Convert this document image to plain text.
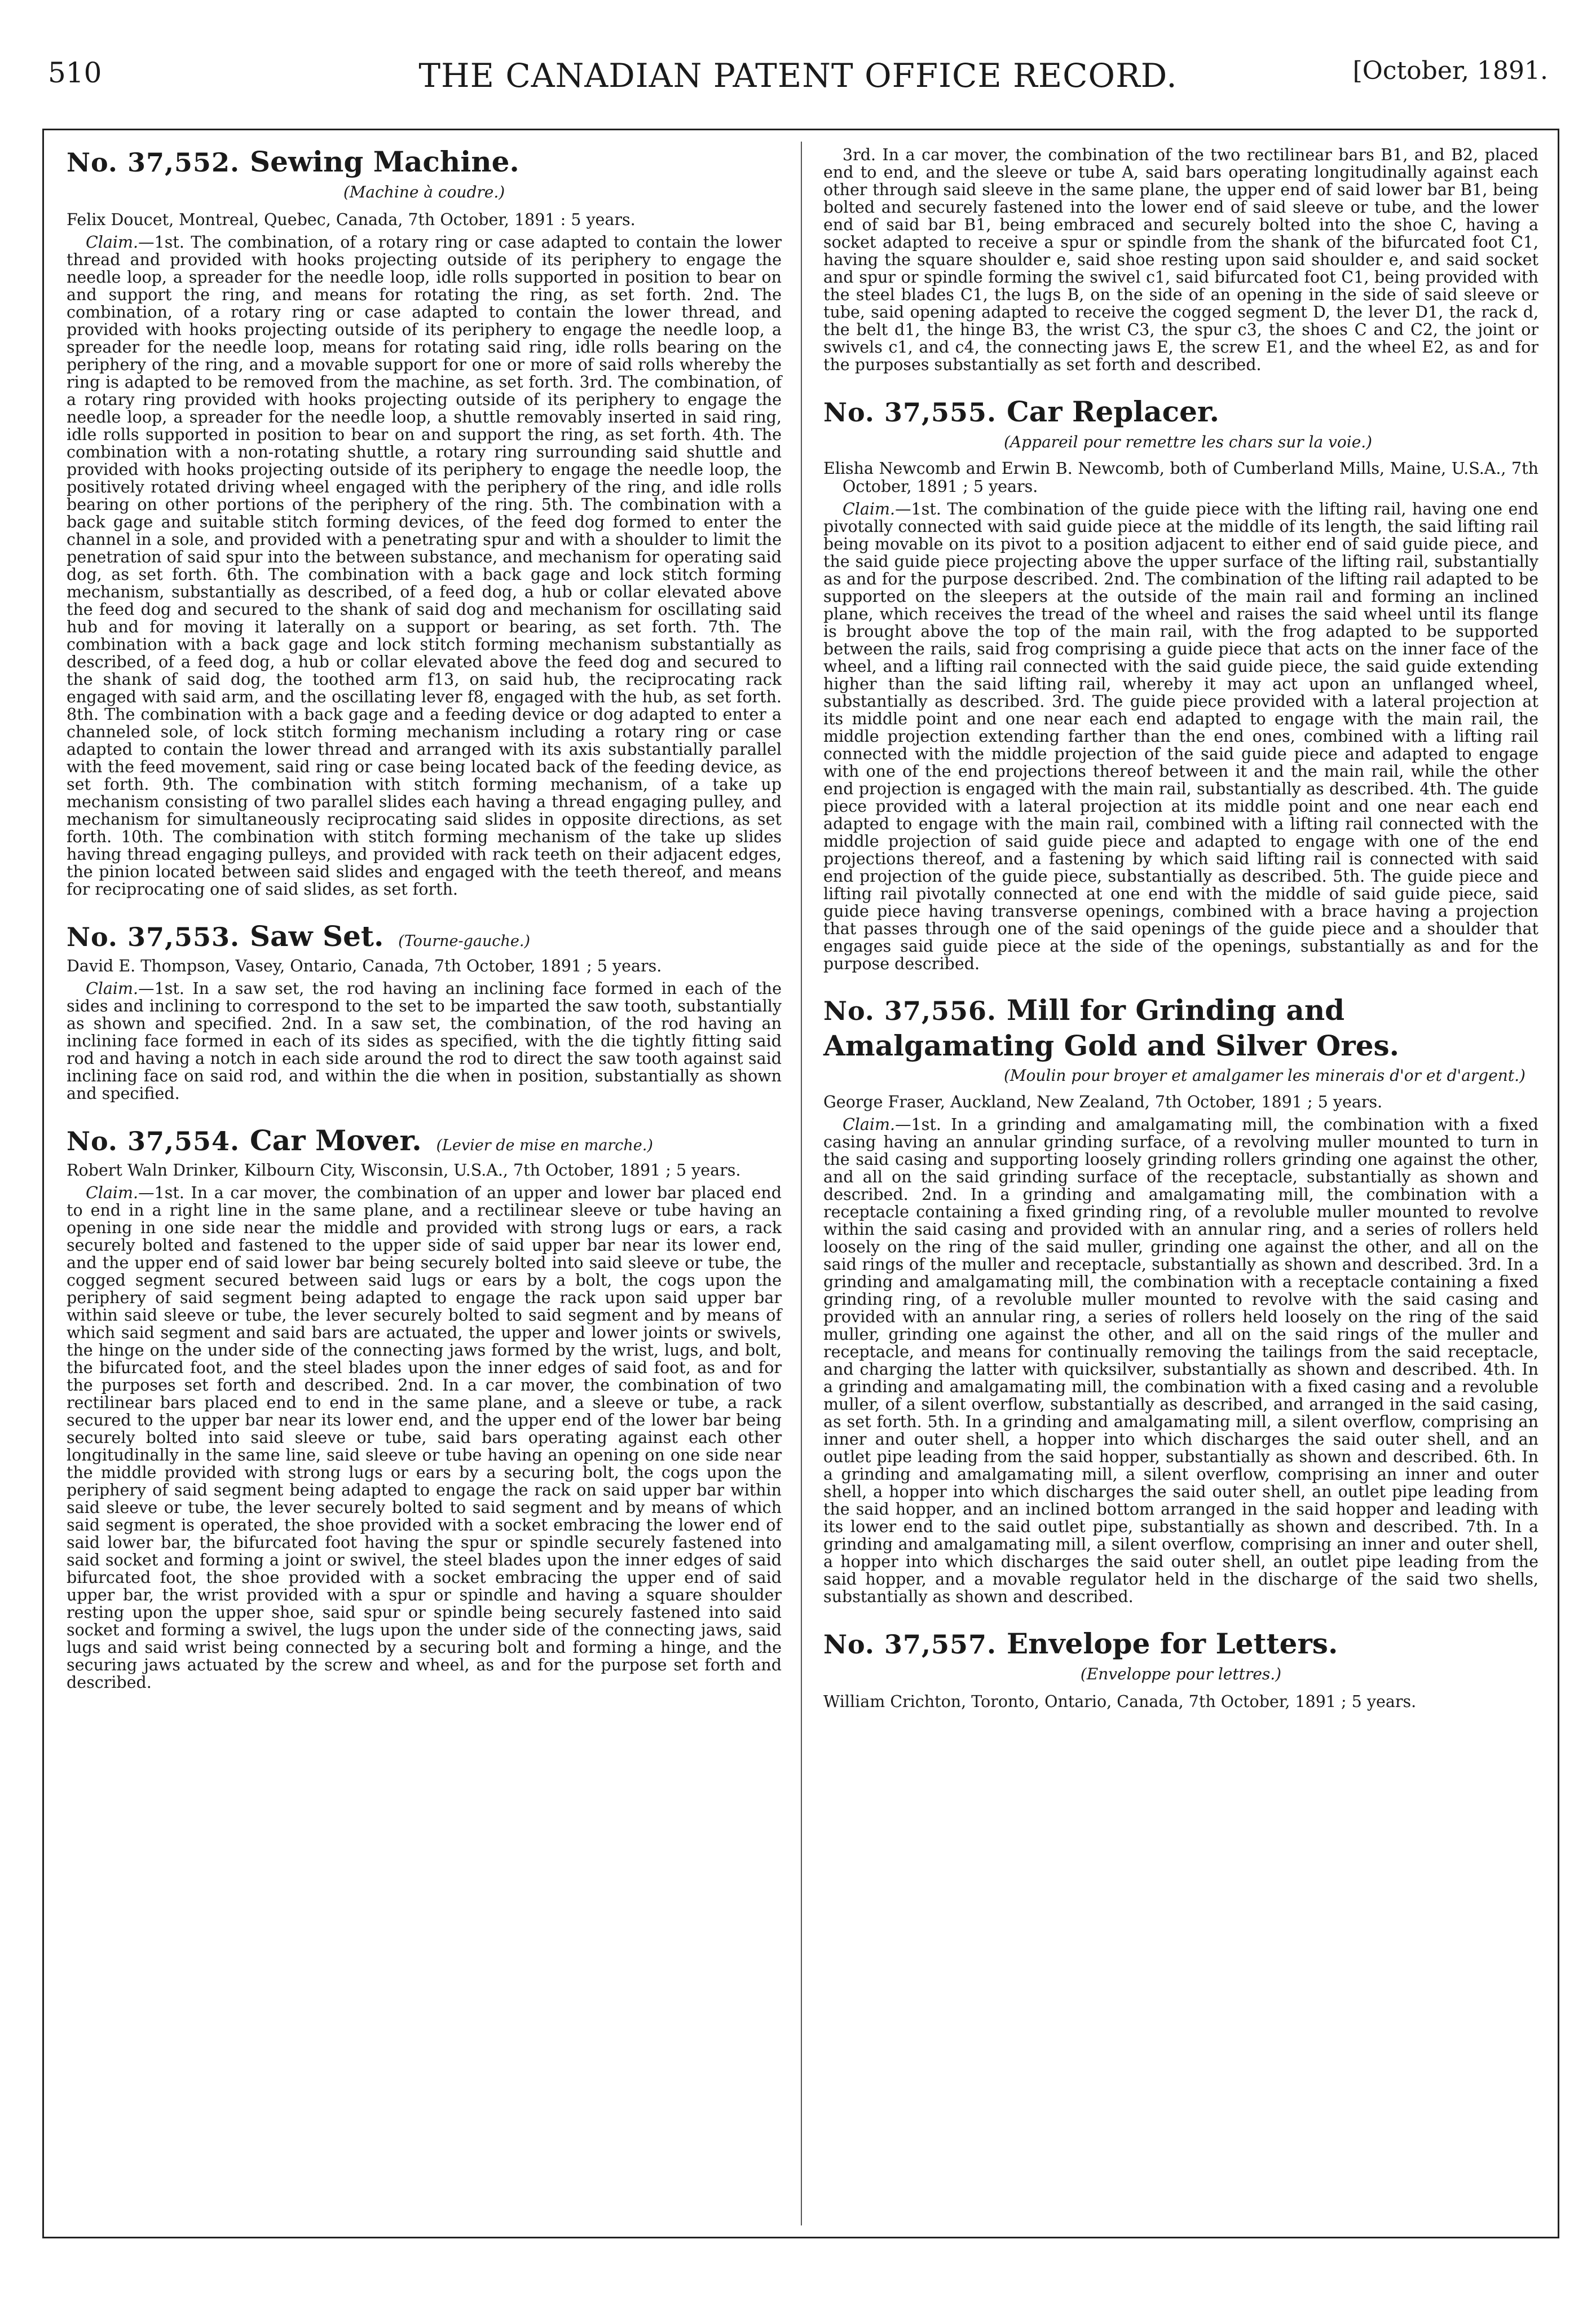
510	THE CANADIAN PATENT OFFICE RECORD.	[October, 1891.

No. 37,552. Sewing Machine.

(Machine à coudre.)

Felix Doucet, Montreal, Quebec, Canada, 7th October, 1891 : 5 years.

Claim.—1st. The combination, of a rotary ring or case adapted to contain the lower thread and provided with hooks projecting outside of its periphery to engage the needle loop, a spreader for the needle loop, idle rolls supported in position to bear on and support the ring, and means for rotating the ring, as set forth. 2nd. The combination, of a rotary ring or case adapted to contain the lower thread, and provided with hooks projecting outside of its periphery to engage the needle loop, a spreader for the needle loop, means for rotating said ring, idle rolls bearing on the periphery of the ring, and a movable support for one or more of said rolls whereby the ring is adapted to be removed from the machine, as set forth. 3rd. The combination, of a rotary ring provided with hooks projecting outside of its periphery to engage the needle loop, a spreader for the needle loop, a shuttle removably inserted in said ring, idle rolls supported in position to bear on and support the ring, as set forth. 4th. The combination with a non-rotating shuttle, a rotary ring surrounding said shuttle and provided with hooks projecting outside of its periphery to engage the needle loop, the positively rotated driving wheel engaged with the periphery of the ring, and idle rolls bearing on other portions of the periphery of the ring. 5th. The combination with a back gage and suitable stitch forming devices, of the feed dog formed to enter the channel in a sole, and provided with a penetrating spur and with a shoulder to limit the penetration of said spur into the between substance, and mechanism for operating said dog, as set forth. 6th. The combination with a back gage and lock stitch forming mechanism, substantially as described, of a feed dog, a hub or collar elevated above the feed dog and secured to the shank of said dog and mechanism for oscillating said hub and for moving it laterally on a support or bearing, as set forth. 7th. The combination with a back gage and lock stitch forming mechanism substantially as described, of a feed dog, a hub or collar elevated above the feed dog and secured to the shank of said dog, the toothed arm f13, on said hub, the reciprocating rack engaged with said arm, and the oscillating lever f8, engaged with the hub, as set forth. 8th. The combination with a back gage and a feeding device or dog adapted to enter a channeled sole, of lock stitch forming mechanism including a rotary ring or case adapted to contain the lower thread and arranged with its axis substantially parallel with the feed movement, said ring or case being located back of the feeding device, as set forth. 9th. The combination with stitch forming mechanism, of a take up mechanism consisting of two parallel slides each having a thread engaging pulley, and mechanism for simultaneously reciprocating said slides in opposite directions, as set forth. 10th. The combination with stitch forming mechanism of the take up slides having thread engaging pulleys, and provided with rack teeth on their adjacent edges, the pinion located between said slides and engaged with the teeth thereof, and means for reciprocating one of said slides, as set forth.

No. 37,553. Saw Set. (Tourne-gauche.)

David E. Thompson, Vasey, Ontario, Canada, 7th October, 1891 ; 5 years.

Claim.—1st. In a saw set, the rod having an inclining face formed in each of the sides and inclining to correspond to the set to be imparted the saw tooth, substantially as shown and specified. 2nd. In a saw set, the combination, of the rod having an inclining face formed in each of its sides as specified, with the die tightly fitting said rod and having a notch in each side around the rod to direct the saw tooth against said inclining face on said rod, and within the die when in position, substantially as shown and specified.

No. 37,554. Car Mover. (Levier de mise en marche.)

Robert Waln Drinker, Kilbourn City, Wisconsin, U.S.A., 7th October, 1891 ; 5 years.

Claim.—1st. In a car mover, the combination of an upper and lower bar placed end to end in a right line in the same plane, and a rectilinear sleeve or tube having an opening in one side near the middle and provided with strong lugs or ears, a rack securely bolted and fastened to the upper side of said upper bar near its lower end, and the upper end of said lower bar being securely bolted into said sleeve or tube, the cogged segment secured between said lugs or ears by a bolt, the cogs upon the periphery of said segment being adapted to engage the rack upon said upper bar within said sleeve or tube, the lever securely bolted to said segment and by means of which said segment and said bars are actuated, the upper and lower joints or swivels, the hinge on the under side of the connecting jaws formed by the wrist, lugs, and bolt, the bifurcated foot, and the steel blades upon the inner edges of said foot, as and for the purposes set forth and described. 2nd. In a car mover, the combination of two rectilinear bars placed end to end in the same plane, and a sleeve or tube, a rack secured to the upper bar near its lower end, and the upper end of the lower bar being securely bolted into said sleeve or tube, said bars operating against each other longitudinally in the same line, said sleeve or tube having an opening on one side near the middle provided with strong lugs or ears by a securing bolt, the cogs upon the periphery of said segment being adapted to engage the rack on said upper bar within said sleeve or tube, the lever securely bolted to said segment and by means of which said segment is operated, the shoe provided with a socket embracing the lower end of said lower bar, the bifurcated foot having the spur or spindle securely fastened into said socket and forming a joint or swivel, the steel blades upon the inner edges of said bifurcated foot, the shoe provided with a socket embracing the upper end of said upper bar, the wrist provided with a spur or spindle and having a square shoulder resting upon the upper shoe, said spur or spindle being securely fastened into said socket and forming a swivel, the lugs upon the under side of the connecting jaws, said lugs and said wrist being connected by a securing bolt and forming a hinge, and the securing jaws actuated by the screw and wheel, as and for the purpose set forth and described.

3rd. In a car mover, the combination of the two rectilinear bars B1, and B2, placed end to end, and the sleeve or tube A, said bars operating longitudinally against each other through said sleeve in the same plane, the upper end of said lower bar B1, being bolted and securely fastened into the lower end of said sleeve or tube, and the lower end of said bar B1, being embraced and securely bolted into the shoe C, having a socket adapted to receive a spur or spindle from the shank of the bifurcated foot C1, having the square shoulder e, said shoe resting upon said shoulder e, and said socket and spur or spindle forming the swivel c1, said bifurcated foot C1, being provided with the steel blades C1, the lugs B, on the side of an opening in the side of said sleeve or tube, said opening adapted to receive the cogged segment D, the lever D1, the rack d, the belt d1, the hinge B3, the wrist C3, the spur c3, the shoes C and C2, the joint or swivels c1, and c4, the connecting jaws E, the screw E1, and the wheel E2, as and for the purposes substantially as set forth and described.

No. 37,555. Car Replacer.

(Appareil pour remettre les chars sur la voie.)

Elisha Newcomb and Erwin B. Newcomb, both of Cumberland Mills, Maine, U.S.A., 7th October, 1891 ; 5 years.

Claim.—1st. The combination of the guide piece with the lifting rail, having one end pivotally connected with said guide piece at the middle of its length, the said lifting rail being movable on its pivot to a position adjacent to either end of said guide piece, and the said guide piece projecting above the upper surface of the lifting rail, substantially as and for the purpose described. 2nd. The combination of the lifting rail adapted to be supported on the sleepers at the outside of the main rail and forming an inclined plane, which receives the tread of the wheel and raises the said wheel until its flange is brought above the top of the main rail, with the frog adapted to be supported between the rails, said frog comprising a guide piece that acts on the inner face of the wheel, and a lifting rail connected with the said guide piece, the said guide extending higher than the said lifting rail, whereby it may act upon an unflanged wheel, substantially as described. 3rd. The guide piece provided with a lateral projection at its middle point and one near each end adapted to engage with the main rail, the middle projection extending farther than the end ones, combined with a lifting rail connected with the middle projection of the said guide piece and adapted to engage with one of the end projections thereof between it and the main rail, while the other end projection is engaged with the main rail, substantially as described. 4th. The guide piece provided with a lateral projection at its middle point and one near each end adapted to engage with the main rail, combined with a lifting rail connected with the middle projection of said guide piece and adapted to engage with one of the end projections thereof, and a fastening by which said lifting rail is connected with said end projection of the guide piece, substantially as described. 5th. The guide piece and lifting rail pivotally connected at one end with the middle of said guide piece, said guide piece having transverse openings, combined with a brace having a projection that passes through one of the said openings of the guide piece and a shoulder that engages said guide piece at the side of the openings, substantially as and for the purpose described.

No. 37,556. Mill for Grinding and Amalgamating Gold and Silver Ores.

(Moulin pour broyer et amalgamer les minerais d'or et d'argent.)

George Fraser, Auckland, New Zealand, 7th October, 1891 ; 5 years.

Claim.—1st. In a grinding and amalgamating mill, the combination with a fixed casing having an annular grinding surface, of a revolving muller mounted to turn in the said casing and supporting loosely grinding rollers grinding one against the other, and all on the said grinding surface of the receptacle, substantially as shown and described. 2nd. In a grinding and amalgamating mill, the combination with a receptacle containing a fixed grinding ring, of a revoluble muller mounted to revolve within the said casing and provided with an annular ring, and a series of rollers held loosely on the ring of the said muller, grinding one against the other, and all on the said rings of the muller and receptacle, substantially as shown and described. 3rd. In a grinding and amalgamating mill, the combination with a receptacle containing a fixed grinding ring, of a revoluble muller mounted to revolve with the said casing and provided with an annular ring, a series of rollers held loosely on the ring of the said muller, grinding one against the other, and all on the said rings of the muller and receptacle, and means for continually removing the tailings from the said receptacle, and charging the latter with quicksilver, substantially as shown and described. 4th. In a grinding and amalgamating mill, the combination with a fixed casing and a revoluble muller, of a silent overflow, substantially as described, and arranged in the said casing, as set forth. 5th. In a grinding and amalgamating mill, a silent overflow, comprising an inner and outer shell, a hopper into which discharges the said outer shell, and an outlet pipe leading from the said hopper, substantially as shown and described. 6th. In a grinding and amalgamating mill, a silent overflow, comprising an inner and outer shell, a hopper into which discharges the said outer shell, an outlet pipe leading from the said hopper, and an inclined bottom arranged in the said hopper and leading with its lower end to the said outlet pipe, substantially as shown and described. 7th. In a grinding and amalgamating mill, a silent overflow, comprising an inner and outer shell, a hopper into which discharges the said outer shell, an outlet pipe leading from the said hopper, and a movable regulator held in the discharge of the said two shells, substantially as shown and described.

No. 37,557. Envelope for Letters.

(Enveloppe pour lettres.)

William Crichton, Toronto, Ontario, Canada, 7th October, 1891 ; 5 years.
